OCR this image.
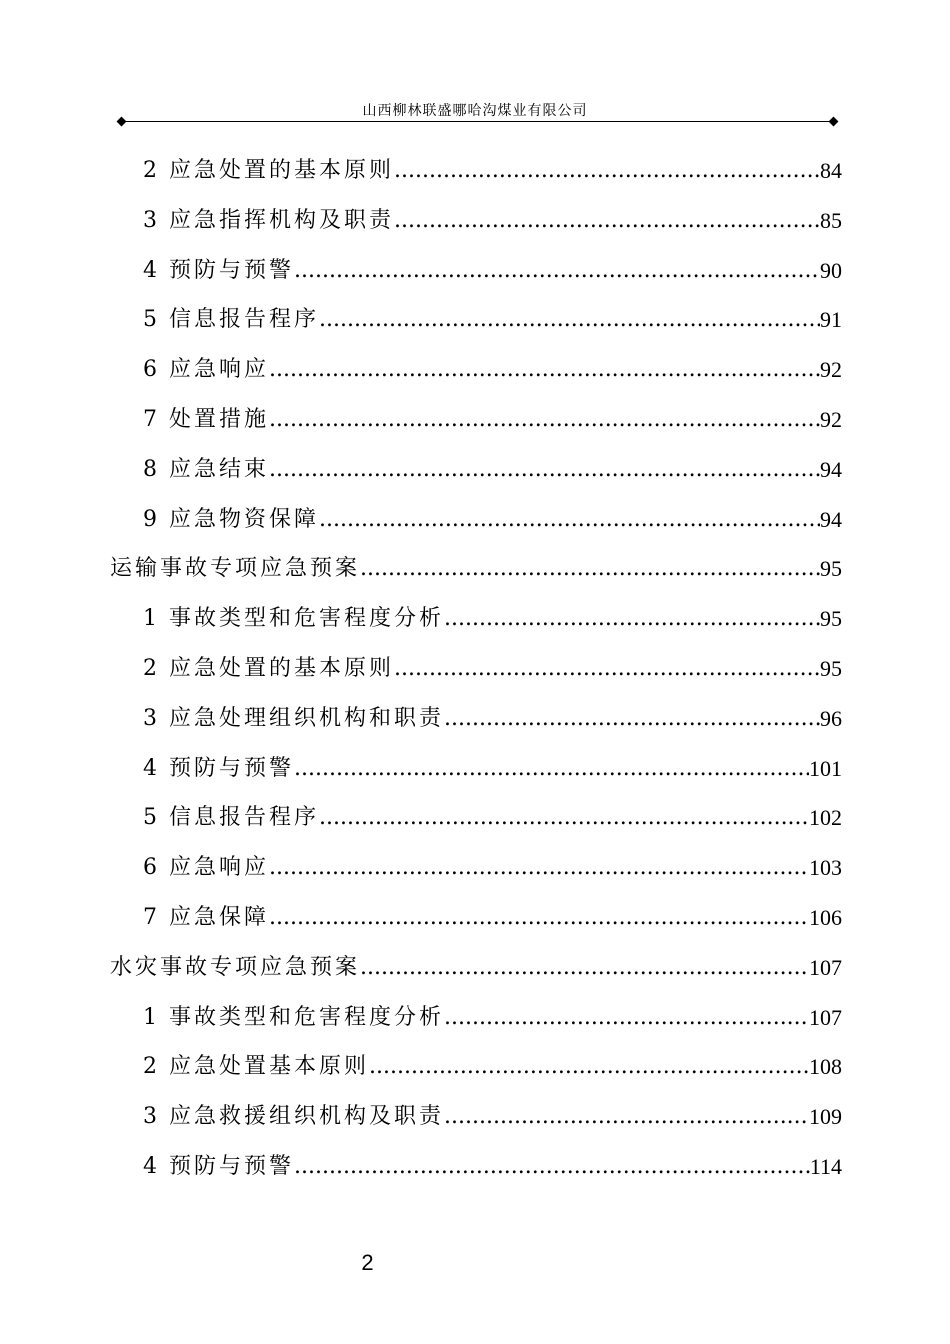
山西柳林联盛哪哈沟煤业有限公司
2 应急处置的基本原则 .....	84
3 应急指挥机构及职责 .....	85
4 预防与预警 .....	90
5 信息报告程序 .....	91
6 应急响应 .....	92
7 处置措施 .....	92
8 应急结束 .....	94
9 应急物资保障 .....	94
运输事故专项应急预案 .....	95
1 事故类型和危害程度分析 .....	95
2 应急处置的基本原则 .....	95
3 应急处理组织机构和职责 .....	96
4 预防与预警 .....	101
5 信息报告程序 .....	102
6 应急响应 .....	103
7 应急保障 .....	106
水灾事故专项应急预案 .....	107
1 事故类型和危害程度分析 .....	107
2 应急处置基本原则 .....	108
3 应急救援组织机构及职责 .....	109
4 预防与预警 .....	114
2
